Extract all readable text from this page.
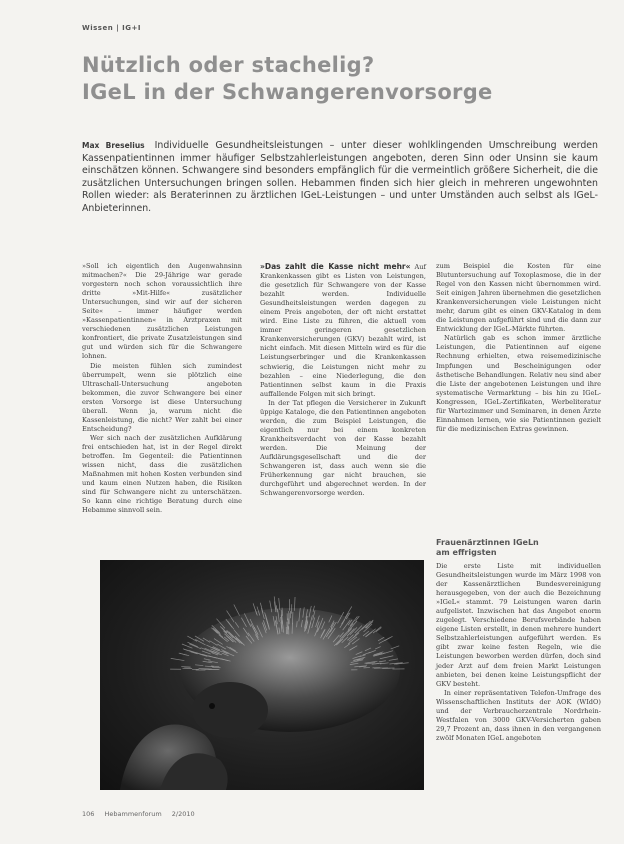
Wissen | IG+I
Nützlich oder stachelig?
IGeL in der Schwangerenvorsorge
Max Breselius Individuelle Gesundheitsleistungen – unter dieser wohlklingenden Umschreibung werden Kassenpatientinnen immer häufiger Selbstzahlerleistungen angeboten, deren Sinn oder Unsinn sie kaum einschätzen können. Schwangere sind besonders empfänglich für die vermeintlich größere Sicherheit, die die zusätzlichen Untersuchungen bringen sollen. Hebammen finden sich hier gleich in mehreren ungewohnten Rollen wieder: als Beraterinnen zu ärztlichen IGeL-Leistungen – und unter Umständen auch selbst als IGeL-Anbieterinnen.

»Soll ich eigentlich den Augenwahnsinn mitmachen?« Die 29-Jährige war gerade vorgestern noch schon voraussichtlich ihre dritte »Mit-Hilfe« zusätzlicher Untersuchungen, sind wir auf der sicheren Seite« – immer häufiger werden »Kassenpatientinnen« in Arztpraxen mit verschiedenen zusätzlichen Leistungen konfrontiert, die private Zusatzleistungen sind gut und würden sich für die Schwangere lohnen.

Die meisten fühlen sich zumindest überrumpelt, wenn sie plötzlich eine Ultraschall-Untersuchung angeboten bekommen, die zuvor Schwangere bei einer ersten Vorsorge ist diese Untersuchung überall. Wenn ja, warum nicht die Kassenleistung, die nicht? Wer zahlt bei einer Entscheidung?

Wer sich nach der zusätzlichen Aufklärung frei entschieden hat, ist in der Regel direkt betroffen. Im Gegenteil: die Patientinnen wissen nicht, dass die zusätzlichen Maßnahmen mit hohen Kosten verbunden sind und kaum einen Nutzen haben, die Risiken sind für Schwangere nicht zu unterschätzen. So kann eine richtige Beratung durch eine Hebamme sinnvoll sein.

»Das zahlt die Kasse nicht mehr« Auf Krankenkassen gibt es Listen von Leistungen, die gesetzlich für Schwangere von der Kasse bezahlt werden. Individuelle Gesundheitsleistungen werden dagegen zu einem Preis angeboten, der oft nicht erstattet wird. Eine Liste zu führen, die aktuell vom immer geringeren gesetzlichen Krankenversicherungen (GKV) bezahlt wird, ist nicht einfach. Mit diesen Mitteln wird es für die Leistungserbringer und die Krankenkassen schwierig, die Leistungen nicht mehr zu bezahlen – eine Niederlegung, die den Patientinnen selbst kaum in die Praxis auffallende Folgen mit sich bringt.

In der Tat pflegen die Versicherer in Zukunft üppige Kataloge, die den Patientinnen angeboten werden, die zum Beispiel Leistungen, die eigentlich nur bei einem konkreten Krankheitsverdacht von der Kasse bezahlt werden. Die Meinung der Aufklärungsgesellschaft und die der Schwangeren ist, dass auch wenn sie die Früherkennung gar nicht brauchen, sie durchgeführt und abgerechnet werden. In der Schwangerenvorsorge werden.

zum Beispiel die Kosten für eine Blutuntersuchung auf Toxoplasmose, die in der Regel von den Kassen nicht übernommen wird. Seit einigen Jahren übernehmen die gesetzlichen Krankenversicherungen viele Leistungen nicht mehr, darum gibt es einen GKV-Katalog in dem die Leistungen aufgeführt sind und die dann zur Entwicklung der IGeL-Märkte führten.

Natürlich gab es schon immer ärztliche Leistungen, die Patientinnen auf eigene Rechnung erhielten, etwa reisemedizinische Impfungen und Bescheinigungen oder ästhetische Behandlungen. Relativ neu sind aber die Liste der angebotenen Leistungen und ihre systematische Vermarktung – bis hin zu IGeL-Kongressen, IGeL-Zertifikaten, Werbeliteratur für Wartezimmer und Seminaren, in denen Ärzte Einnahmen lernen, wie sie Patientinnen gezielt für die medizinischen Extras gewinnen.

Frauenärztinnen IGeLn
am effrigsten

Die erste Liste mit individuellen Gesundheitsleistungen wurde im März 1998 von der Kassenärztlichen Bundesvereinigung herausgegeben, von der auch die Bezeichnung »IGeL« stammt. 79 Leistungen waren darin aufgelistet. Inzwischen hat das Angebot enorm zugelegt. Verschiedene Berufsverbände haben eigene Listen erstellt, in denen mehrere hundert Selbstzahlerleistungen aufgeführt werden. Es gibt zwar keine festen Regeln, wie die Leistungen beworben werden dürfen, doch sind jeder Arzt auf dem freien Markt Leistungen anbieten, bei denen keine Leistungspflicht der GKV besteht.

In einer repräsentativen Telefon-Umfrage des Wissenschaftlichen Instituts der AOK (WIdO) und der Verbraucherzentrale Nordrhein-Westfalen von 3000 GKV-Versicherten gaben 29,7 Prozent an, dass ihnen in den vergangenen zwölf Monaten IGeL angeboten

106 Hebammenforum 2/2010
